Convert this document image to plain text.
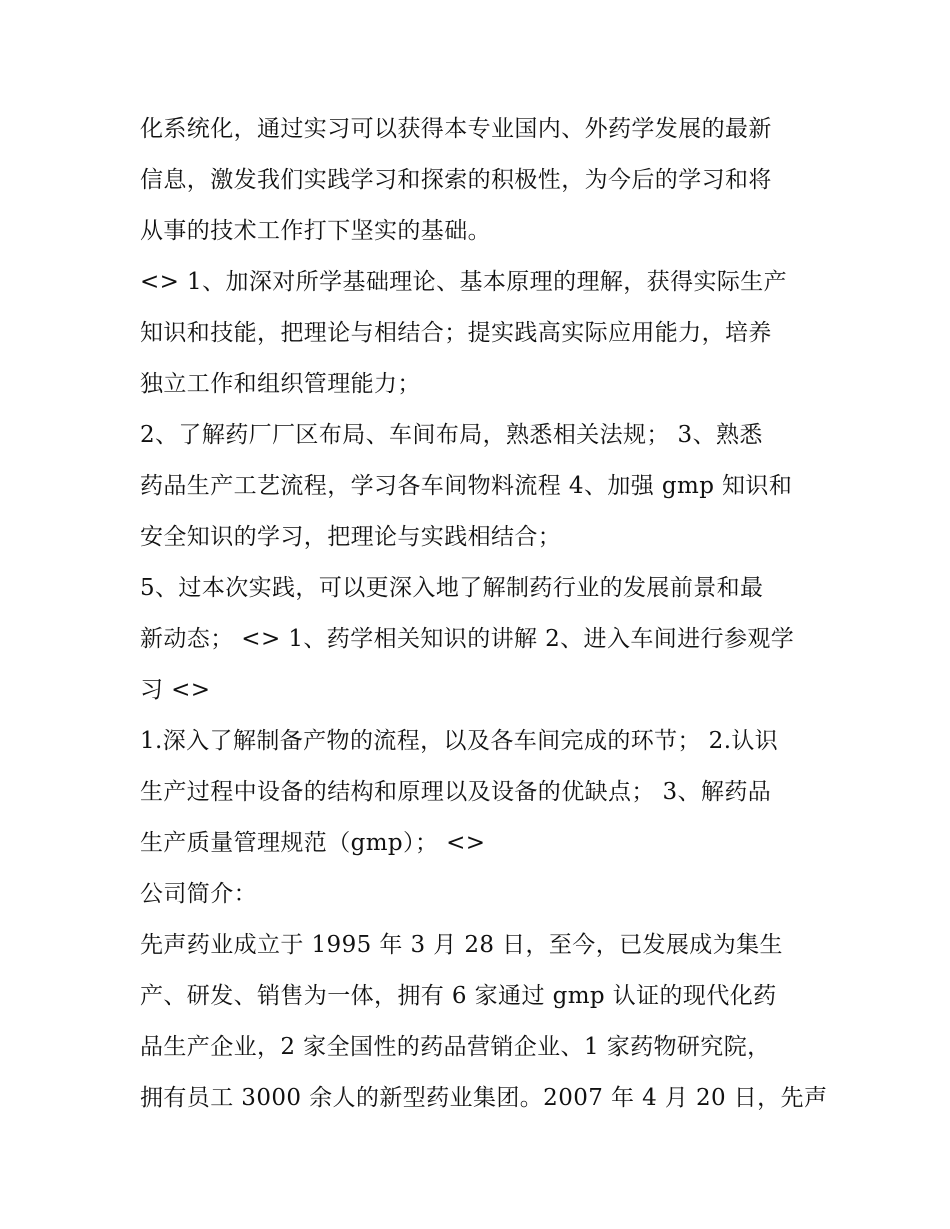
化系统化，通过实习可以获得本专业国内、外药学发展的最新

信息，激发我们实践学习和探索的积极性，为今后的学习和将

从事的技术工作打下坚实的基础。

<> 1、加深对所学基础理论、基本原理的理解，获得实际生产

知识和技能，把理论与相结合；提实践高实际应用能力，培养

独立工作和组织管理能力；

2、了解药厂厂区布局、车间布局，熟悉相关法规； 3、熟悉

药品生产工艺流程，学习各车间物料流程 4、加强 gmp 知识和

安全知识的学习，把理论与实践相结合；

5、过本次实践，可以更深入地了解制药行业的发展前景和最

新动态； <> 1、药学相关知识的讲解 2、进入车间进行参观学

习 <>

1.深入了解制备产物的流程，以及各车间完成的环节； 2.认识

生产过程中设备的结构和原理以及设备的优缺点； 3、解药品

生产质量管理规范（gmp）； <>

公司简介：

先声药业成立于 1995 年 3 月 28 日，至今，已发展成为集生

产、研发、销售为一体，拥有 6 家通过 gmp 认证的现代化药

品生产企业，2 家全国性的药品营销企业、1 家药物研究院，

拥有员工 3000 余人的新型药业集团。2007 年 4 月 20 日，先声
